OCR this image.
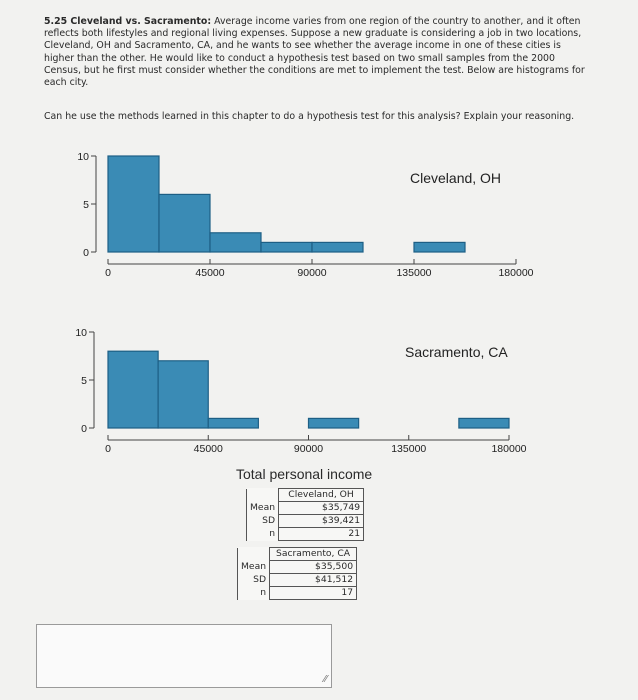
5.25 Cleveland vs. Sacramento: Average income varies from one region of the country to another, and it often reflects both lifestyles and regional living expenses. Suppose a new graduate is considering a job in two locations, Cleveland, OH and Sacramento, CA, and he wants to see whether the average income in one of these cities is higher than the other. He would like to conduct a hypothesis test based on two small samples from the 2000 Census, but he first must consider whether the conditions are met to implement the test. Below are histograms for each city.
Can he use the methods learned in this chapter to do a hypothesis test for this analysis? Explain your reasoning.
0
5
10
0	45000	90000	135000	180000
Cleveland, OH
0
5
10
0	45000	90000	135000	180000
Sacramento, CA
Total personal income
	Cleveland, OH
Mean	$35,749
SD	$39,421
n	21
	Sacramento, CA
Mean	$35,500
SD	$41,512
n	17
⁄⁄
